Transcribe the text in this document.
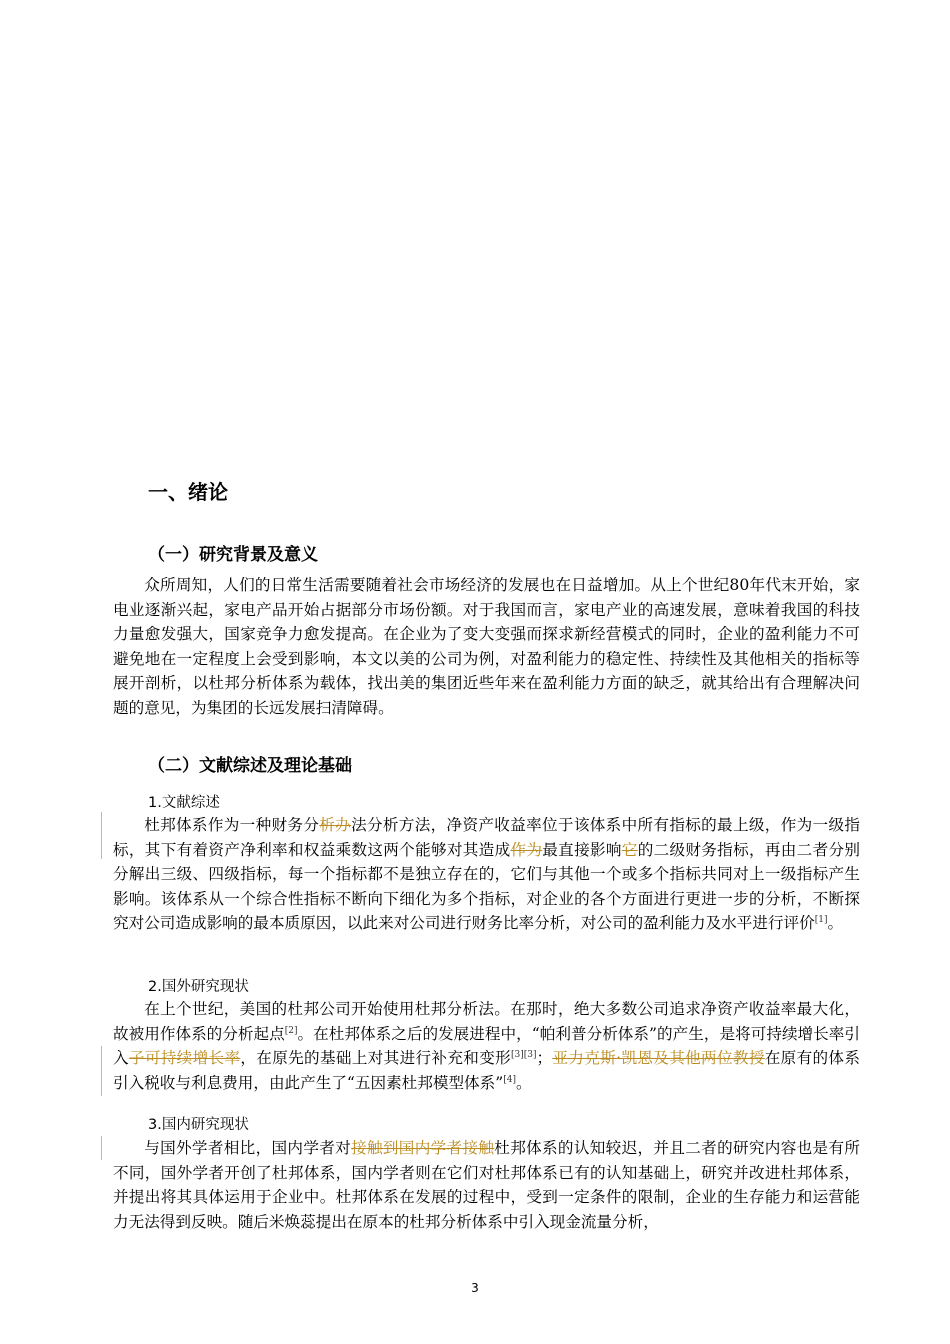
一、绪论
（一）研究背景及意义
众所周知，人们的日常生活需要随着社会市场经济的发展也在日益增加。从上个世纪80年代末开始，家电业逐渐兴起，家电产品开始占据部分市场份额。对于我国而言，家电产业的高速发展，意味着我国的科技力量愈发强大，国家竞争力愈发提高。在企业为了变大变强而探求新经营模式的同时，企业的盈利能力不可避免地在一定程度上会受到影响，本文以美的公司为例，对盈利能力的稳定性、持续性及其他相关的指标等展开剖析，以杜邦分析体系为载体，找出美的集团近些年来在盈利能力方面的缺乏，就其给出有合理解决问题的意见，为集团的长远发展扫清障碍。
（二）文献综述及理论基础
1.文献综述
杜邦体系作为一种财务分析办法分析方法，净资产收益率位于该体系中所有指标的最上级，作为一级指标，其下有着资产净利率和权益乘数这两个能够对其造成作为最直接影响它的二级财务指标，再由二者分别分解出三级、四级指标，每一个指标都不是独立存在的，它们与其他一个或多个指标共同对上一级指标产生影响。该体系从一个综合性指标不断向下细化为多个指标，对企业的各个方面进行更进一步的分析，不断探究对公司造成影响的最本质原因，以此来对公司进行财务比率分析，对公司的盈利能力及水平进行评价[1]。
2.国外研究现状
在上个世纪，美国的杜邦公司开始使用杜邦分析法。在那时，绝大多数公司追求净资产收益率最大化，故被用作体系的分析起点[2]。在杜邦体系之后的发展进程中，“帕利普分析体系”的产生，是将可持续增长率引入子可持续增长率，在原先的基础上对其进行补充和变形[3][3]；亚力克斯·凯恩及其他两位教授在原有的体系引入税收与利息费用，由此产生了“五因素杜邦模型体系”[4]。
3.国内研究现状
与国外学者相比，国内学者对接触到国内学者接触杜邦体系的认知较迟，并且二者的研究内容也是有所不同，国外学者开创了杜邦体系，国内学者则在它们对杜邦体系已有的认知基础上，研究并改进杜邦体系，并提出将其具体运用于企业中。杜邦体系在发展的过程中，受到一定条件的限制，企业的生存能力和运营能力无法得到反映。随后米焕蕊提出在原本的杜邦分析体系中引入现金流量分析，
3
